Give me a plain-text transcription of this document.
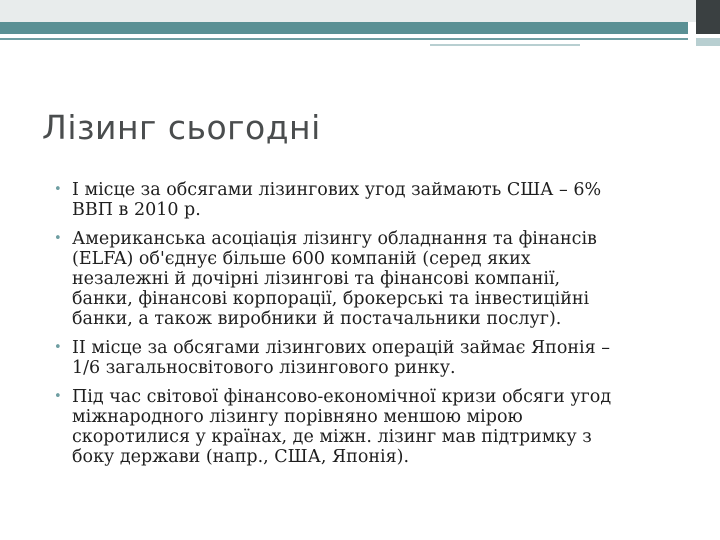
Лізинг сьогодні
• І місце за обсягами лізингових угод займають США – 6%
ВВП в 2010 р.
• Американська асоціація лізингу обладнання та фінансів
(ELFA) об'єднує більше 600 компаній (серед яких
незалежні й дочірні лізингові та фінансові компанії,
банки, фінансові корпорації, брокерські та інвестиційні
банки, а також виробники й постачальники послуг).
• ІІ місце за обсягами лізингових операцій займає Японія –
1/6 загальносвітового лізингового ринку.
• Під час світової фінансово-економічної кризи обсяги угод
міжнародного лізингу порівняно меншою мірою
скоротилися у країнах, де міжн. лізинг мав підтримку з
боку держави (напр., США, Японія).
